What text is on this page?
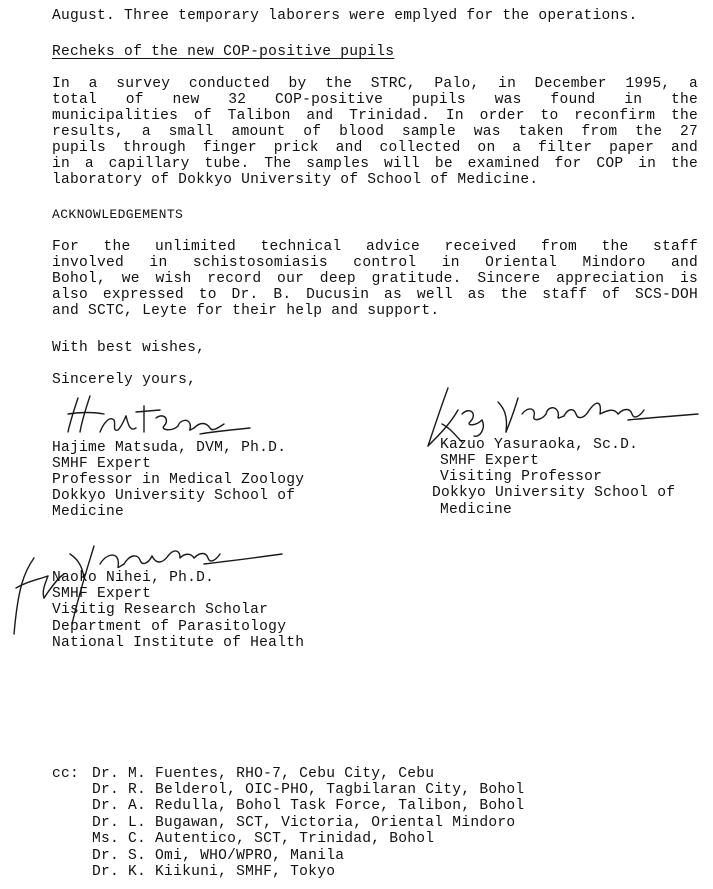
August. Three temporary laborers were emplyed for the operations.
Recheks of the new COP-positive pupils
In a survey conducted by the STRC, Palo, in December 1995, a
total of new 32 COP-positive pupils was found in the
municipalities of Talibon and Trinidad. In order to reconfirm the
results, a small amount of blood sample was taken from the 27
pupils through finger prick and collected on a filter paper and
in a capillary tube. The samples will be examined for COP in the
laboratory of Dokkyo University of School of Medicine.
ACKNOWLEDGEMENTS
For the unlimited technical advice received from the staff
involved in schistosomiasis control in Oriental Mindoro and
Bohol, we wish record our deep gratitude. Sincere appreciation is
also expressed to Dr. B. Ducusin as well as the staff of SCS-DOH
and SCTC, Leyte for their help and support.
With best wishes,
Sincerely yours,
Hajime Matsuda, DVM, Ph.D.
SMHF Expert
Professor in Medical Zoology
Dokkyo University School of
Medicine
Kazuo Yasuraoka, Sc.D.
SMHF Expert
Visiting Professor
Dokkyo University School of
Medicine
Naoko Nihei, Ph.D.
SMHF Expert
Visitig Research Scholar
Department of Parasitology
National Institute of Health
cc: Dr. M. Fuentes, RHO-7, Cebu City, Cebu
Dr. R. Belderol, OIC-PHO, Tagbilaran City, Bohol
Dr. A. Redulla, Bohol Task Force, Talibon, Bohol
Dr. L. Bugawan, SCT, Victoria, Oriental Mindoro
Ms. C. Autentico, SCT, Trinidad, Bohol
Dr. S. Omi, WHO/WPRO, Manila
Dr. K. Kiikuni, SMHF, Tokyo
